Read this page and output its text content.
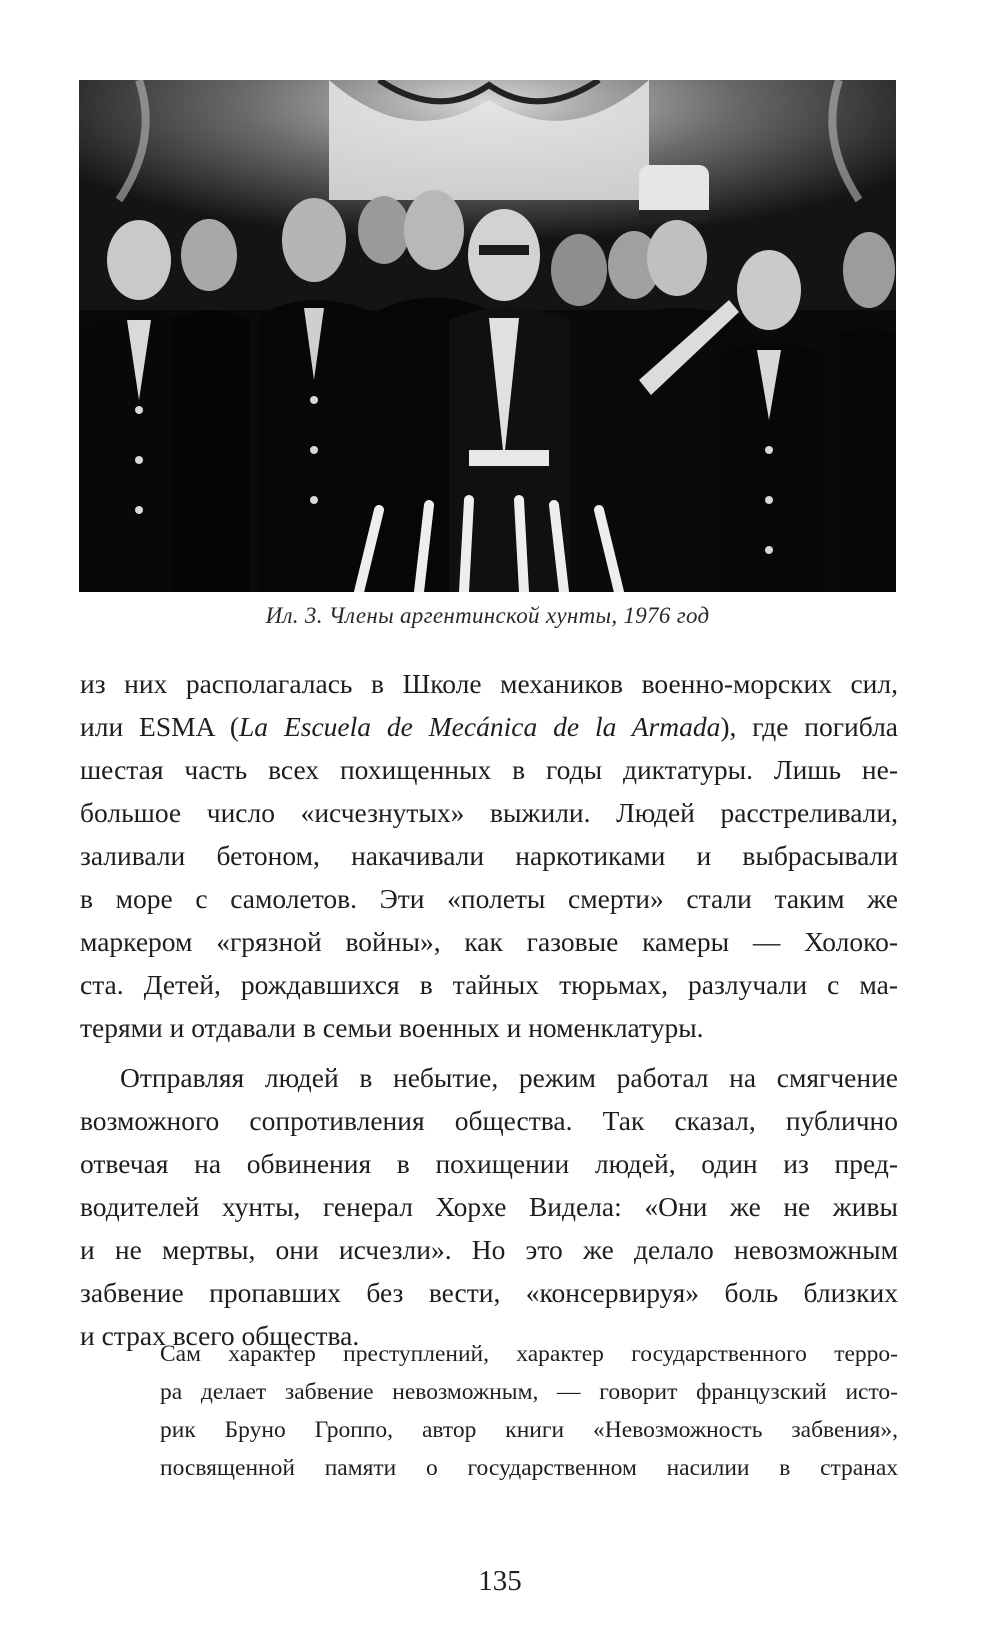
Ил. 3. Члены аргентинской хунты, 1976 год
из них располагалась в Школе механиков военно-морских сил,
или ESMA (La Escuela de Mecánica de la Armada), где погибла
шестая часть всех похищенных в годы диктатуры. Лишь не-
большое число «исчезнутых» выжили. Людей расстреливали,
заливали бетоном, накачивали наркотиками и выбрасывали
в море с самолетов. Эти «полеты смерти» стали таким же
маркером «грязной войны», как газовые камеры — Холоко-
ста. Детей, рождавшихся в тайных тюрьмах, разлучали с ма-
терями и отдавали в семьи военных и номенклатуры.
Отправляя людей в небытие, режим работал на смягчение
возможного сопротивления общества. Так сказал, публично
отвечая на обвинения в похищении людей, один из пред-
водителей хунты, генерал Хорхе Видела: «Они же не живы
и не мертвы, они исчезли». Но это же делало невозможным
забвение пропавших без вести, «консервируя» боль близких
и страх всего общества.
Сам характер преступлений, характер государственного терро-
ра делает забвение невозможным, — говорит французский исто-
рик Бруно Гроппо, автор книги «Невозможность забвения»,
посвященной памяти о государственном насилии в странах
135
